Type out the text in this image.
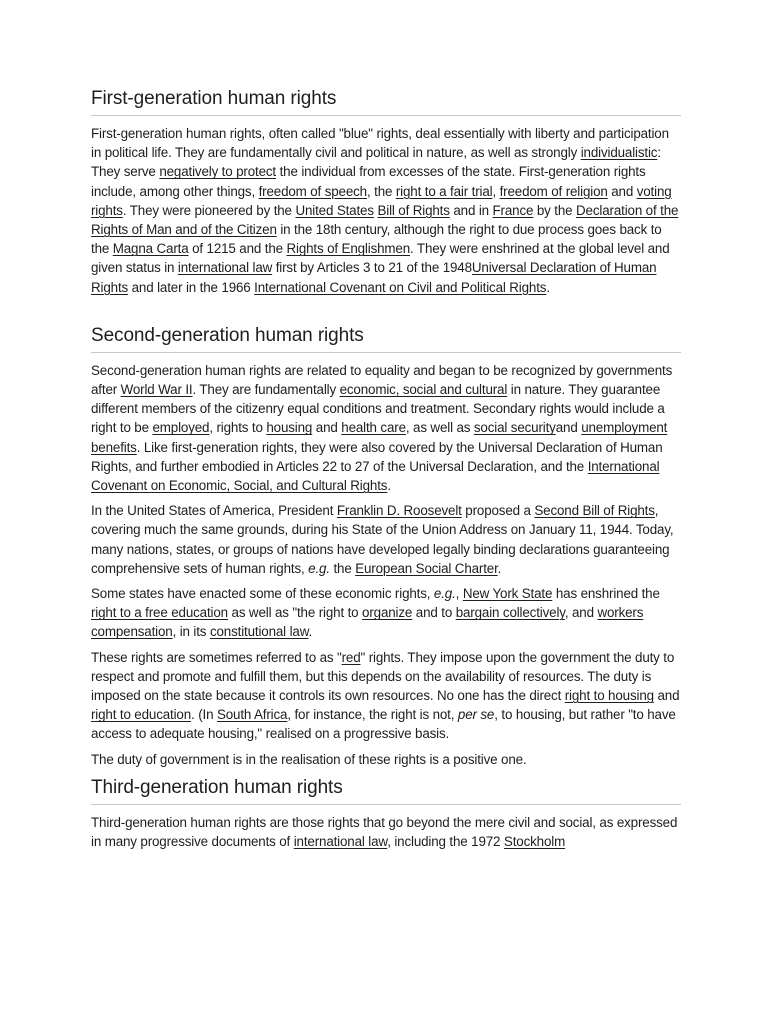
First-generation human rights

First-generation human rights, often called "blue" rights, deal essentially with liberty and participation in political life. They are fundamentally civil and political in nature, as well as strongly individualistic: They serve negatively to protect the individual from excesses of the state. First-generation rights include, among other things, freedom of speech, the right to a fair trial, freedom of religion and voting rights. They were pioneered by the United States Bill of Rights and in France by the Declaration of the Rights of Man and of the Citizen in the 18th century, although the right to due process goes back to the Magna Carta of 1215 and the Rights of Englishmen. They were enshrined at the global level and given status in international law first by Articles 3 to 21 of the 1948Universal Declaration of Human Rights and later in the 1966 International Covenant on Civil and Political Rights.

Second-generation human rights

Second-generation human rights are related to equality and began to be recognized by governments after World War II. They are fundamentally economic, social and cultural in nature. They guarantee different members of the citizenry equal conditions and treatment. Secondary rights would include a right to be employed, rights to housing and health care, as well as social securityand unemployment benefits. Like first-generation rights, they were also covered by the Universal Declaration of Human Rights, and further embodied in Articles 22 to 27 of the Universal Declaration, and the International Covenant on Economic, Social, and Cultural Rights.

In the United States of America, President Franklin D. Roosevelt proposed a Second Bill of Rights, covering much the same grounds, during his State of the Union Address on January 11, 1944. Today, many nations, states, or groups of nations have developed legally binding declarations guaranteeing comprehensive sets of human rights, e.g. the European Social Charter.

Some states have enacted some of these economic rights, e.g., New York State has enshrined the right to a free education as well as "the right to organize and to bargain collectively, and workers compensation, in its constitutional law.

These rights are sometimes referred to as "red" rights. They impose upon the government the duty to respect and promote and fulfill them, but this depends on the availability of resources. The duty is imposed on the state because it controls its own resources. No one has the direct right to housing and right to education. (In South Africa, for instance, the right is not, per se, to housing, but rather "to have access to adequate housing," realised on a progressive basis.

The duty of government is in the realisation of these rights is a positive one.

Third-generation human rights

Third-generation human rights are those rights that go beyond the mere civil and social, as expressed in many progressive documents of international law, including the 1972 Stockholm
